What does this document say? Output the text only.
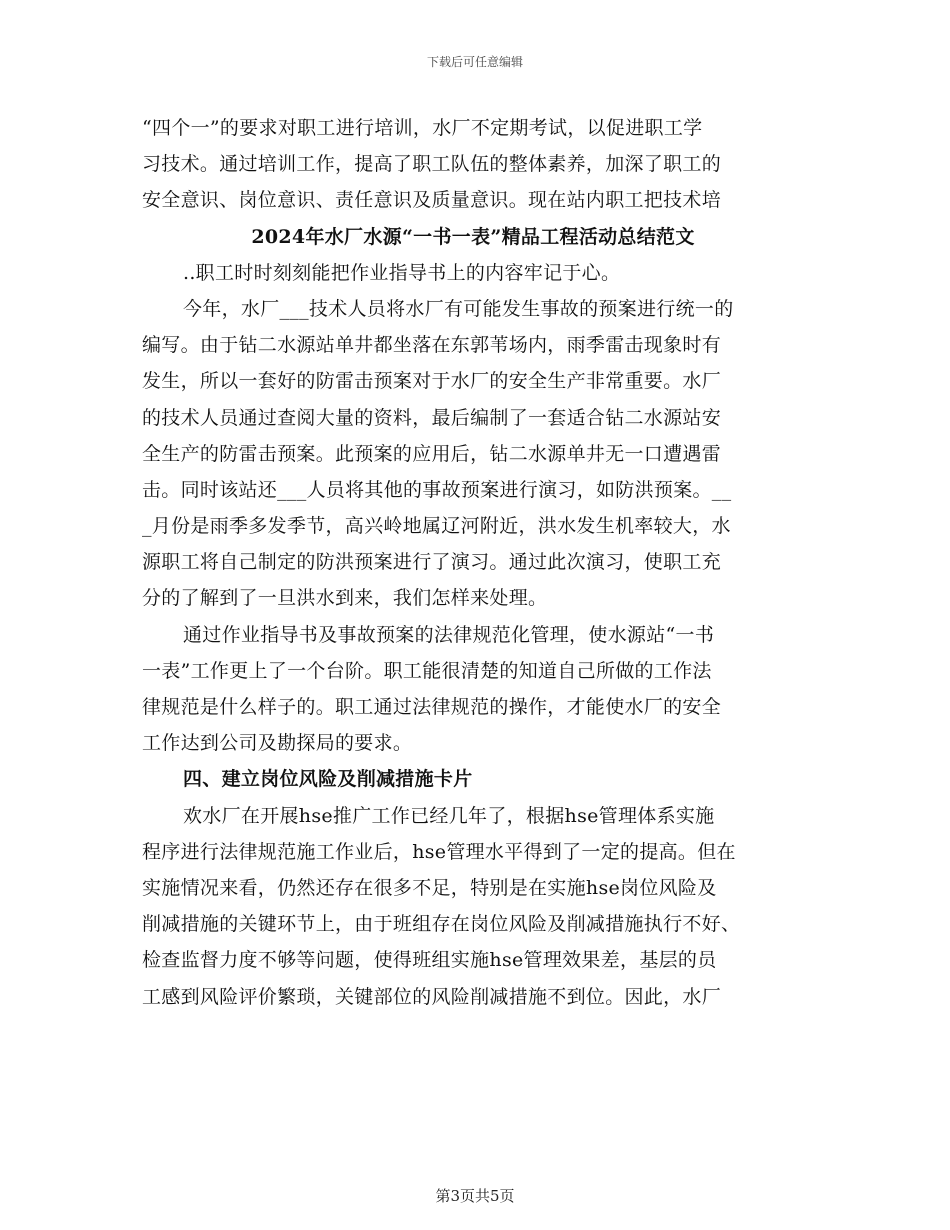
下载后可任意编辑
“四个一”的要求对职工进行培训，水厂不定期考试，以促进职工学
习技术。通过培训工作，提高了职工队伍的整体素养，加深了职工的
安全意识、岗位意识、责任意识及质量意识。现在站内职工把技术培
2024年水厂水源“一书一表”精品工程活动总结范文
..职工时时刻刻能把作业指导书上的内容牢记于心。
今年，水厂___技术人员将水厂有可能发生事故的预案进行统一的
编写。由于钻二水源站单井都坐落在东郭苇场内，雨季雷击现象时有
发生，所以一套好的防雷击预案对于水厂的安全生产非常重要。水厂
的技术人员通过查阅大量的资料，最后编制了一套适合钻二水源站安
全生产的防雷击预案。此预案的应用后，钻二水源单井无一口遭遇雷
击。同时该站还___人员将其他的事故预案进行演习，如防洪预案。__
_月份是雨季多发季节，高兴岭地属辽河附近，洪水发生机率较大，水
源职工将自己制定的防洪预案进行了演习。通过此次演习，使职工充
分的了解到了一旦洪水到来，我们怎样来处理。
通过作业指导书及事故预案的法律规范化管理，使水源站“一书
一表”工作更上了一个台阶。职工能很清楚的知道自己所做的工作法
律规范是什么样子的。职工通过法律规范的操作，才能使水厂的安全
工作达到公司及勘探局的要求。
四、建立岗位风险及削减措施卡片
欢水厂在开展hse推广工作已经几年了，根据hse管理体系实施
程序进行法律规范施工作业后，hse管理水平得到了一定的提高。但在
实施情况来看，仍然还存在很多不足，特别是在实施hse岗位风险及
削减措施的关键环节上，由于班组存在岗位风险及削减措施执行不好、
检查监督力度不够等问题，使得班组实施hse管理效果差，基层的员
工感到风险评价繁琐，关键部位的风险削减措施不到位。因此，水厂
第3页共5页
